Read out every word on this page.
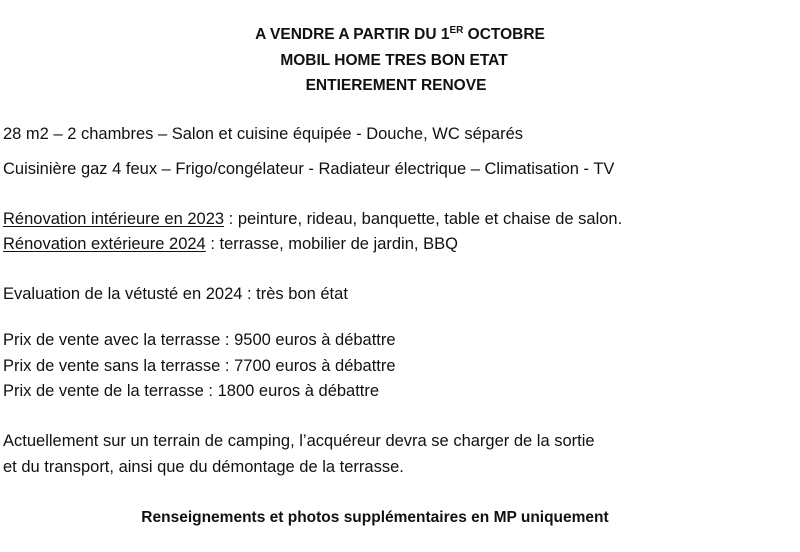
A VENDRE A PARTIR DU 1ER OCTOBRE
MOBIL HOME TRES BON ETAT
ENTIEREMENT RENOVE
28 m2 – 2 chambres – Salon et cuisine équipée - Douche, WC séparés
Cuisinière gaz 4 feux – Frigo/congélateur - Radiateur électrique – Climatisation - TV
Rénovation intérieure en 2023 : peinture, rideau, banquette, table et chaise de salon.
Rénovation extérieure 2024 : terrasse, mobilier de jardin, BBQ
Evaluation de la vétusté en 2024 : très bon état
Prix de vente avec la terrasse : 9500 euros à débattre
Prix de vente sans la terrasse : 7700 euros à débattre
Prix de vente de la terrasse : 1800 euros à débattre
Actuellement sur un terrain de camping, l’acquéreur devra se charger de la sortie
et du transport, ainsi que du démontage de la terrasse.
Renseignements et photos supplémentaires en MP uniquement
